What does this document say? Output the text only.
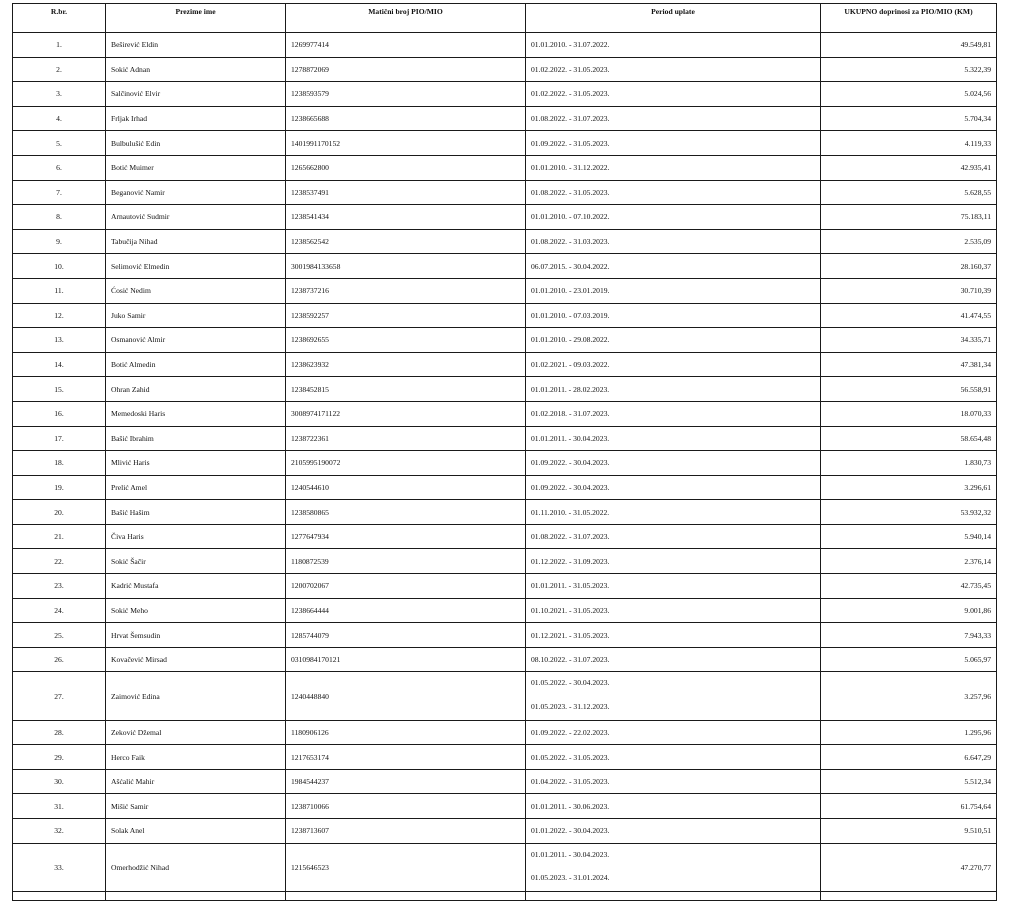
R.br.	Prezime ime	Matični broj PIO/MIO	Period uplate	UKUPNO doprinosi za PIO/MIO (KM)
1.	Beširević Eldin	1269977414	01.01.2010. - 31.07.2022.	49.549,81
2.	Sokić Adnan	1278872069	01.02.2022. - 31.05.2023.	5.322,39
3.	Salčinović Elvir	1238593579	01.02.2022. - 31.05.2023.	5.024,56
4.	Frljak Irhad	1238665688	01.08.2022. - 31.07.2023.	5.704,34
5.	Bulbulušić Edin	1401991170152	01.09.2022. - 31.05.2023.	4.119,33
6.	Botić Muimer	1265662800	01.01.2010. - 31.12.2022.	42.935,41
7.	Beganović Namir	1238537491	01.08.2022. - 31.05.2023.	5.628,55
8.	Arnautović Sudmir	1238541434	01.01.2010. - 07.10.2022.	75.183,11
9.	Tabučija Nihad	1238562542	01.08.2022. - 31.03.2023.	2.535,09
10.	Selimović Elmedin	3001984133658	06.07.2015. - 30.04.2022.	28.160,37
11.	Ćosić Nedim	1238737216	01.01.2010. - 23.01.2019.	30.710,39
12.	Juko Samir	1238592257	01.01.2010. - 07.03.2019.	41.474,55
13.	Osmanović Almir	1238692655	01.01.2010. - 29.08.2022.	34.335,71
14.	Botić Almedin	1238623932	01.02.2021. - 09.03.2022.	47.381,34
15.	Ohran Zahid	1238452815	01.01.2011. - 28.02.2023.	56.558,91
16.	Memedoski Haris	3008974171122	01.02.2018. - 31.07.2023.	18.070,33
17.	Bašić Ibrahim	1238722361	01.01.2011. - 30.04.2023.	58.654,48
18.	Mlivić Haris	2105995190072	01.09.2022. - 30.04.2023.	1.830,73
19.	Prelić Amel	1240544610	01.09.2022. - 30.04.2023.	3.296,61
20.	Bašić Hašim	1238580865	01.11.2010. - 31.05.2022.	53.932,32
21.	Čiva Haris	1277647934	01.08.2022. - 31.07.2023.	5.940,14
22.	Sokić Šačir	1180872539	01.12.2022. - 31.09.2023.	2.376,14
23.	Kadrić Mustafa	1200702067	01.01.2011. - 31.05.2023.	42.735,45
24.	Sokić Meho	1238664444	01.10.2021. - 31.05.2023.	9.001,86
25.	Hrvat Šemsudin	1285744079	01.12.2021. - 31.05.2023.	7.943,33
26.	Kovačević Mirsad	0310984170121	08.10.2022. - 31.07.2023.	5.065,97
27.	Zaimović Edina	1240448840	01.05.2022. - 30.04.2023.
01.05.2023. - 31.12.2023.	3.257,96
28.	Zeković Džemal	1180906126	01.09.2022. - 22.02.2023.	1.295,96
29.	Herco Faik	1217653174	01.05.2022. - 31.05.2023.	6.647,29
30.	Ašćalić Mahir	1984544237	01.04.2022. - 31.05.2023.	5.512,34
31.	Mišić Samir	1238710066	01.01.2011. - 30.06.2023.	61.754,64
32.	Solak Anel	1238713607	01.01.2022. - 30.04.2023.	9.510,51
33.	Omerhodžić Nihad	1215646523	01.01.2011. - 30.04.2023.
01.05.2023. - 31.01.2024.	47.270,77
